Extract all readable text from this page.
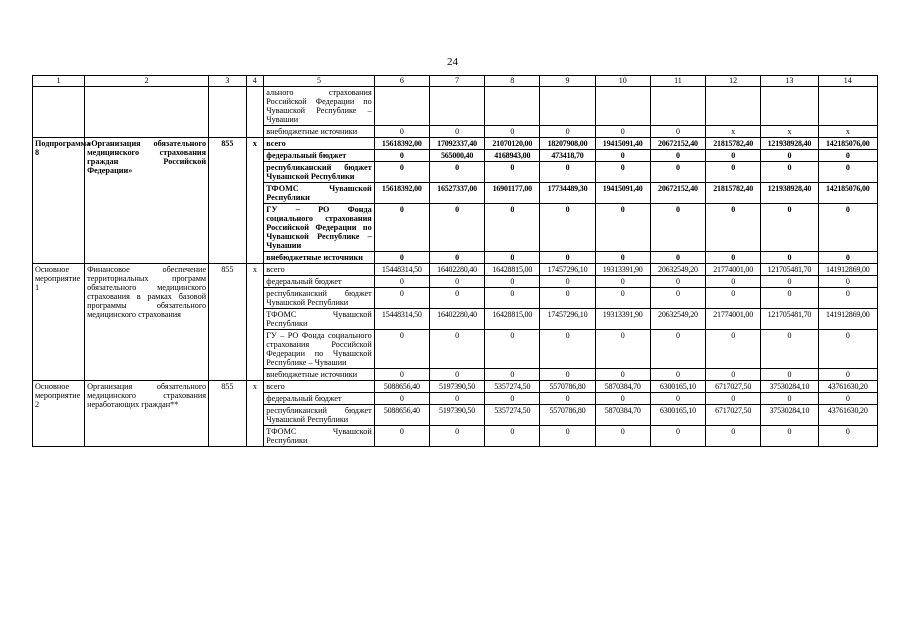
24
1	2	3	4	5	6	7	8	9	10	11	12	13	14
				ального страхования Российской Федерации по Чувашской Республике – Чувашии									
				внебюджетные источники	0	0	0	0	0	0	x	x	x
Подпрограмма 8	«Организация обязательного медицинского страхования граждан Российской Федерации»	855	x	всего	15618392,00	17092337,40	21070120,00	18207908,00	19415091,40	20672152,40	21815782,40	121938928,40	142185076,00
				федеральный бюджет	0	565000,40	4168943,00	473418,70	0	0	0	0	0
				республиканский бюджет Чувашской Республики	0	0	0	0	0	0	0	0	0
				ТФОМС Чувашской Республики	15618392,00	16527337,00	16901177,00	17734489,30	19415091,40	20672152,40	21815782,40	121938928,40	142185076,00
				ГУ – РО Фонда социального страхования Российской Федерации по Чувашской Республике – Чувашии	0	0	0	0	0	0	0	0	0
				внебюджетные источники	0	0	0	0	0	0	0	0	0
Основное мероприятие 1	Финансовое обеспечение территориальных программ обязательного медицинского страхования в рамках базовой программы обязательного медицинского страхования	855	x	всего	15448314,50	16402280,40	16428815,00	17457296,10	19313391,90	20632549,20	21774001,00	121705481,70	141912869,00
				федеральный бюджет	0	0	0	0	0	0	0	0	0
				республиканский бюджет Чувашской Республики	0	0	0	0	0	0	0	0	0
				ТФОМС Чувашской Республики	15448314,50	16402280,40	16428815,00	17457296,10	19313391,90	20632549,20	21774001,00	121705481,70	141912869,00
				ГУ – РО Фонда социального страхования Российской Федерации по Чувашской Республике – Чувашии	0	0	0	0	0	0	0	0	0
				внебюджетные источники	0	0	0	0	0	0	0	0	0
Основное мероприятие 2	Организация обязательного медицинского страхования неработающих граждан**	855	x	всего	5088656,40	5197390,50	5357274,50	5570786,80	5870384,70	6300165,10	6717027,50	37530284,10	43761630,20
				федеральный бюджет	0	0	0	0	0	0	0	0	0
				республиканский бюджет Чувашской Республики	5088656,40	5197390,50	5357274,50	5570786,80	5870384,70	6300165,10	6717027,50	37530284,10	43761630,20
				ТФОМС Чувашской Республики	0	0	0	0	0	0	0	0	0
